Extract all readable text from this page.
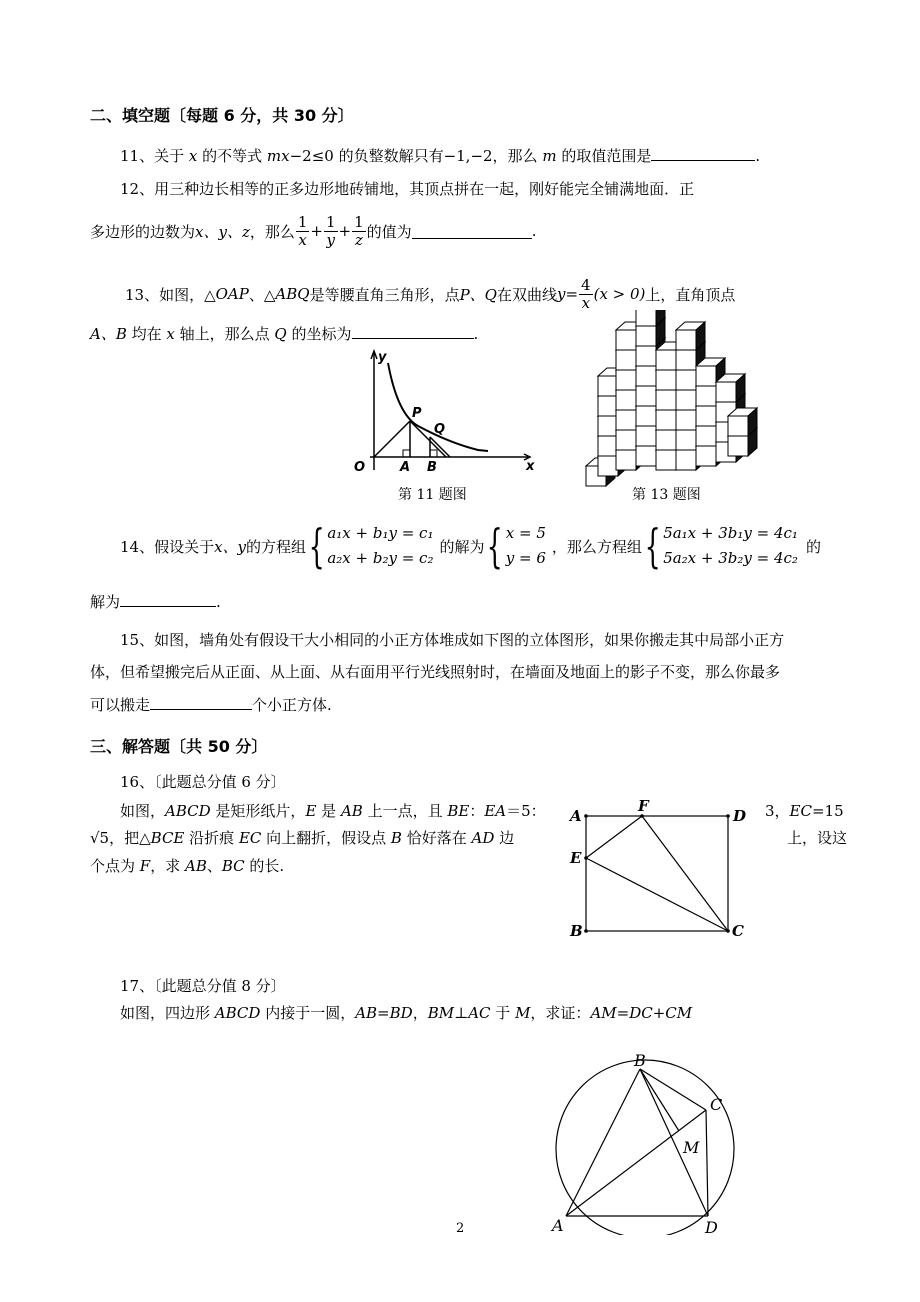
二、填空题〔每题 6 分，共 30 分〕
11、关于 x 的不等式 mx−2≤0 的负整数解只有−1,−2，那么 m 的取值范围是	.
12、用三种边长相等的正多边形地砖铺地，其顶点拼在一起，刚好能完全铺满地面．正
多边形的边数为 x、y、z ，那么 $\frac{1}{x} + \frac{1}{y} + \frac{1}{z}$ 的值为	.
13、如图，△ OAP 、△ ABQ 是等腰直角三角形，点 P、Q 在双曲线 $y = \frac{4}{x} (x > 0)$ 上，直角顶点
A、B 均在 x 轴上，那么点 Q 的坐标为	.
y
x
O	A B
P
Q
第 11 题图	第 13 题图
14、假设关于 x、y 的方程组 { a₁x + b₁y = c₁
a₂x + b₂y = c₂
的解为 { x = 5
y = 6
，那么方程组 { 5a₁x + 3b₁y = 4c₁
5a₂x + 3b₂y = 4c₂
的
解为	.
15、如图，墙角处有假设干大小相同的小正方体堆成如下图的立体图形，如果你搬走其中局部小正方
体，但希望搬完后从正面、从上面、从右面用平行光线照射时，在墙面及地面上的影子不变，那么你最多
可以搬走	个小正方体.
三、解答题〔共 50 分〕
16、〔此题总分值 6 分〕
如图，ABCD 是矩形纸片，E 是 AB 上一点，且 BE：EA＝5：	3，EC=15
√5，把△BCE 沿折痕 EC 向上翻折，假设点 B 恰好落在 AD 边	上，设这
个点为 F，求 AB、BC 的长.
A	D
B	C
E
F
17、〔此题总分值 8 分〕
如图，四边形 ABCD 内接于一圆，AB=BD，BM⊥AC 于 M，求证：AM=DC+CM
B
C
M
A	D
2
